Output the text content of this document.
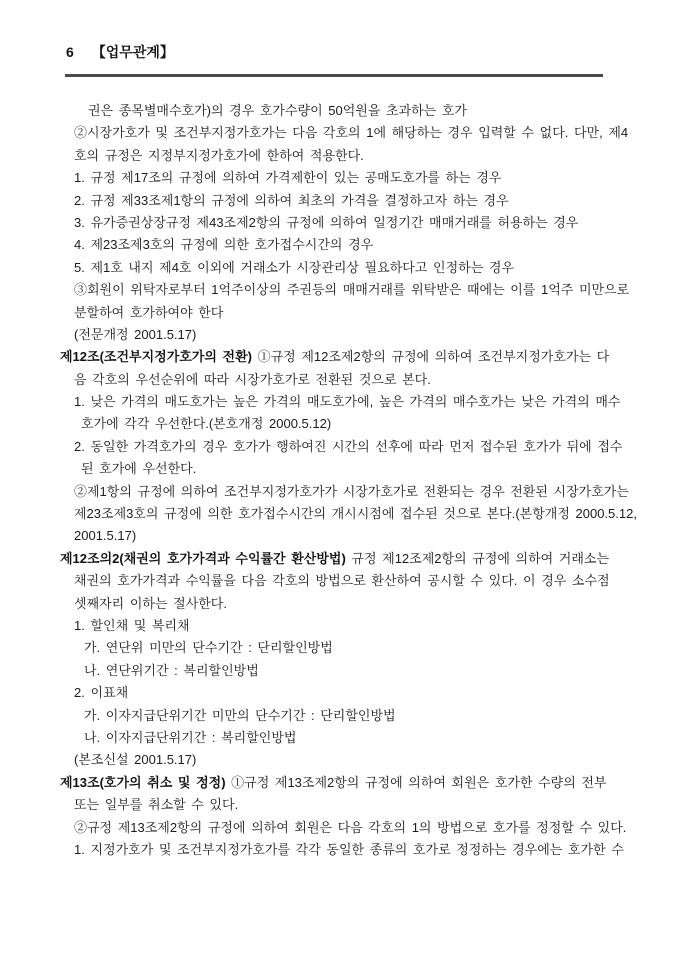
6 【업무관계】
권은 종목별매수호가)의 경우 호가수량이 50억원을 초과하는 호가
②시장가호가 및 조건부지정가호가는 다음 각호의 1에 해당하는 경우 입력할 수 없다. 다만, 제4
호의 규정은 지정부지정가호가에 한하여 적용한다.
1. 규정 제17조의 규정에 의하여 가격제한이 있는 공매도호가를 하는 경우
2. 규정 제33조제1항의 규정에 의하여 최초의 가격을 결정하고자 하는 경우
3. 유가증권상장규정 제43조제2항의 규정에 의하여 일정기간 매매거래를 허용하는 경우
4. 제23조제3호의 규정에 의한 호가접수시간의 경우
5. 제1호 내지 제4호 이외에 거래소가 시장관리상 필요하다고 인정하는 경우
③회원이 위탁자로부터 1억주이상의 주권등의 매매거래를 위탁받은 때에는 이를 1억주 미만으로
분할하여 호가하여야 한다
(전문개정 2001.5.17)
제12조(조건부지정가호가의 전환) ①규정 제12조제2항의 규정에 의하여 조건부지정가호가는 다
음 각호의 우선순위에 따라 시장가호가로 전환된 것으로 본다.
1. 낮은 가격의 매도호가는 높은 가격의 매도호가에, 높은 가격의 매수호가는 낮은 가격의 매수
호가에 각각 우선한다.(본호개정 2000.5.12)
2. 동일한 가격호가의 경우 호가가 행하여진 시간의 선후에 따라 먼저 접수된 호가가 뒤에 접수
된 호가에 우선한다.
②제1항의 규정에 의하여 조건부지정가호가가 시장가호가로 전환되는 경우 전환된 시장가호가는
제23조제3호의 규정에 의한 호가접수시간의 개시시점에 접수된 것으로 본다.(본항개정 2000.5.12,
2001.5.17)
제12조의2(채권의 호가가격과 수익률간 환산방법) 규정 제12조제2항의 규정에 의하여 거래소는
채권의 호가가격과 수익률을 다음 각호의 방법으로 환산하여 공시할 수 있다. 이 경우 소수점
셋째자리 이하는 절사한다.
1. 할인채 및 복리채
가. 연단위 미만의 단수기간 : 단리할인방법
나. 연단위기간 : 복리할인방법
2. 이표채
가. 이자지급단위기간 미만의 단수기간 : 단리할인방법
나. 이자지급단위기간 : 복리할인방법
(본조신설 2001.5.17)
제13조(호가의 취소 및 정정) ①규정 제13조제2항의 규정에 의하여 회원은 호가한 수량의 전부
또는 일부를 취소할 수 있다.
②규정 제13조제2항의 규정에 의하여 회원은 다음 각호의 1의 방법으로 호가를 정정할 수 있다.
1. 지정가호가 및 조건부지정가호가를 각각 동일한 종류의 호가로 정정하는 경우에는 호가한 수
